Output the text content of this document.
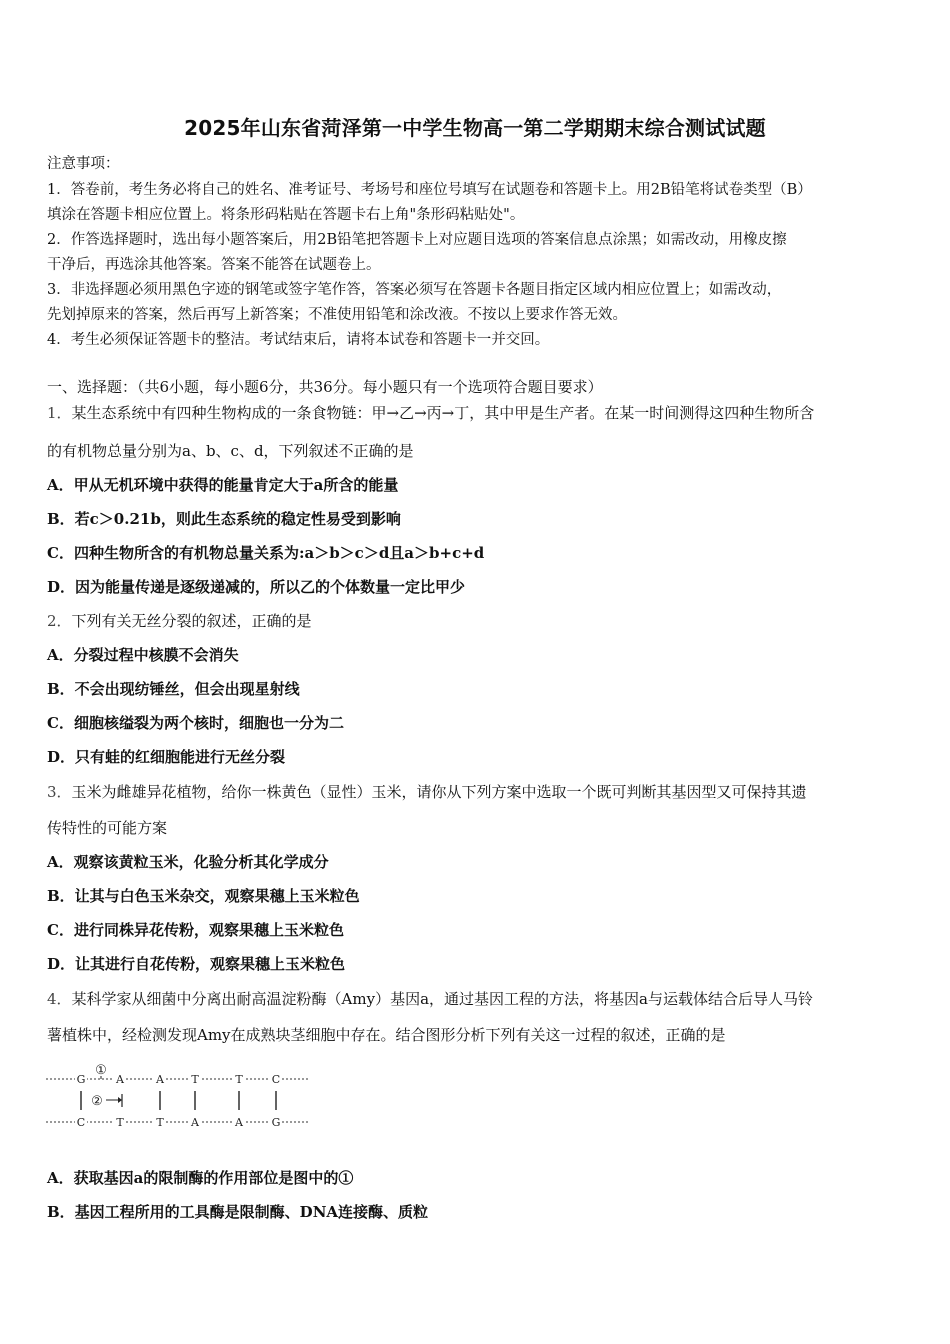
2025年山东省菏泽第一中学生物高一第二学期期末综合测试试题
注意事项：
1．答卷前，考生务必将自己的姓名、准考证号、考场号和座位号填写在试题卷和答题卡上。用2B铅笔将试卷类型（B）
填涂在答题卡相应位置上。将条形码粘贴在答题卡右上角"条形码粘贴处"。
2．作答选择题时，选出每小题答案后，用2B铅笔把答题卡上对应题目选项的答案信息点涂黑；如需改动，用橡皮擦
干净后，再选涂其他答案。答案不能答在试题卷上。
3．非选择题必须用黑色字迹的钢笔或签字笔作答，答案必须写在答题卡各题目指定区域内相应位置上；如需改动，
先划掉原来的答案，然后再写上新答案；不准使用铅笔和涂改液。不按以上要求作答无效。
4．考生必须保证答题卡的整洁。考试结束后，请将本试卷和答题卡一并交回。
一、选择题：（共6小题，每小题6分，共36分。每小题只有一个选项符合题目要求）
1．某生态系统中有四种生物构成的一条食物链：甲→乙→丙→丁，其中甲是生产者。在某一时间测得这四种生物所含
的有机物总量分别为a、b、c、d，下列叙述不正确的是
A．甲从无机环境中获得的能量肯定大于a所含的能量
B．若c＞0.21b，则此生态系统的稳定性易受到影响
C．四种生物所含的有机物总量关系为:a＞b＞c＞d且a＞b+c+d
D．因为能量传递是逐级递减的，所以乙的个体数量一定比甲少
2．下列有关无丝分裂的叙述，正确的是
A．分裂过程中核膜不会消失
B．不会出现纺锤丝，但会出现星射线
C．细胞核缢裂为两个核时，细胞也一分为二
D．只有蛙的红细胞能进行无丝分裂
3．玉米为雌雄异花植物，给你一株黄色（显性）玉米，请你从下列方案中选取一个既可判断其基因型又可保持其遗
传特性的可能方案
A．观察该黄粒玉米，化验分析其化学成分
B．让其与白色玉米杂交，观察果穗上玉米粒色
C．进行同株异花传粉，观察果穗上玉米粒色
D．让其进行自花传粉，观察果穗上玉米粒色
4．某科学家从细菌中分离出耐高温淀粉酶（Amy）基因a，通过基因工程的方法，将基因a与运载体结合后导人马铃
薯植株中，经检测发现Amy在成熟块茎细胞中存在。结合图形分析下列有关这一过程的叙述，正确的是
G	A	A T	T	C
C	T	T A	A	G
①
②
A．获取基因a的限制酶的作用部位是图中的①
B．基因工程所用的工具酶是限制酶、DNA连接酶、质粒
